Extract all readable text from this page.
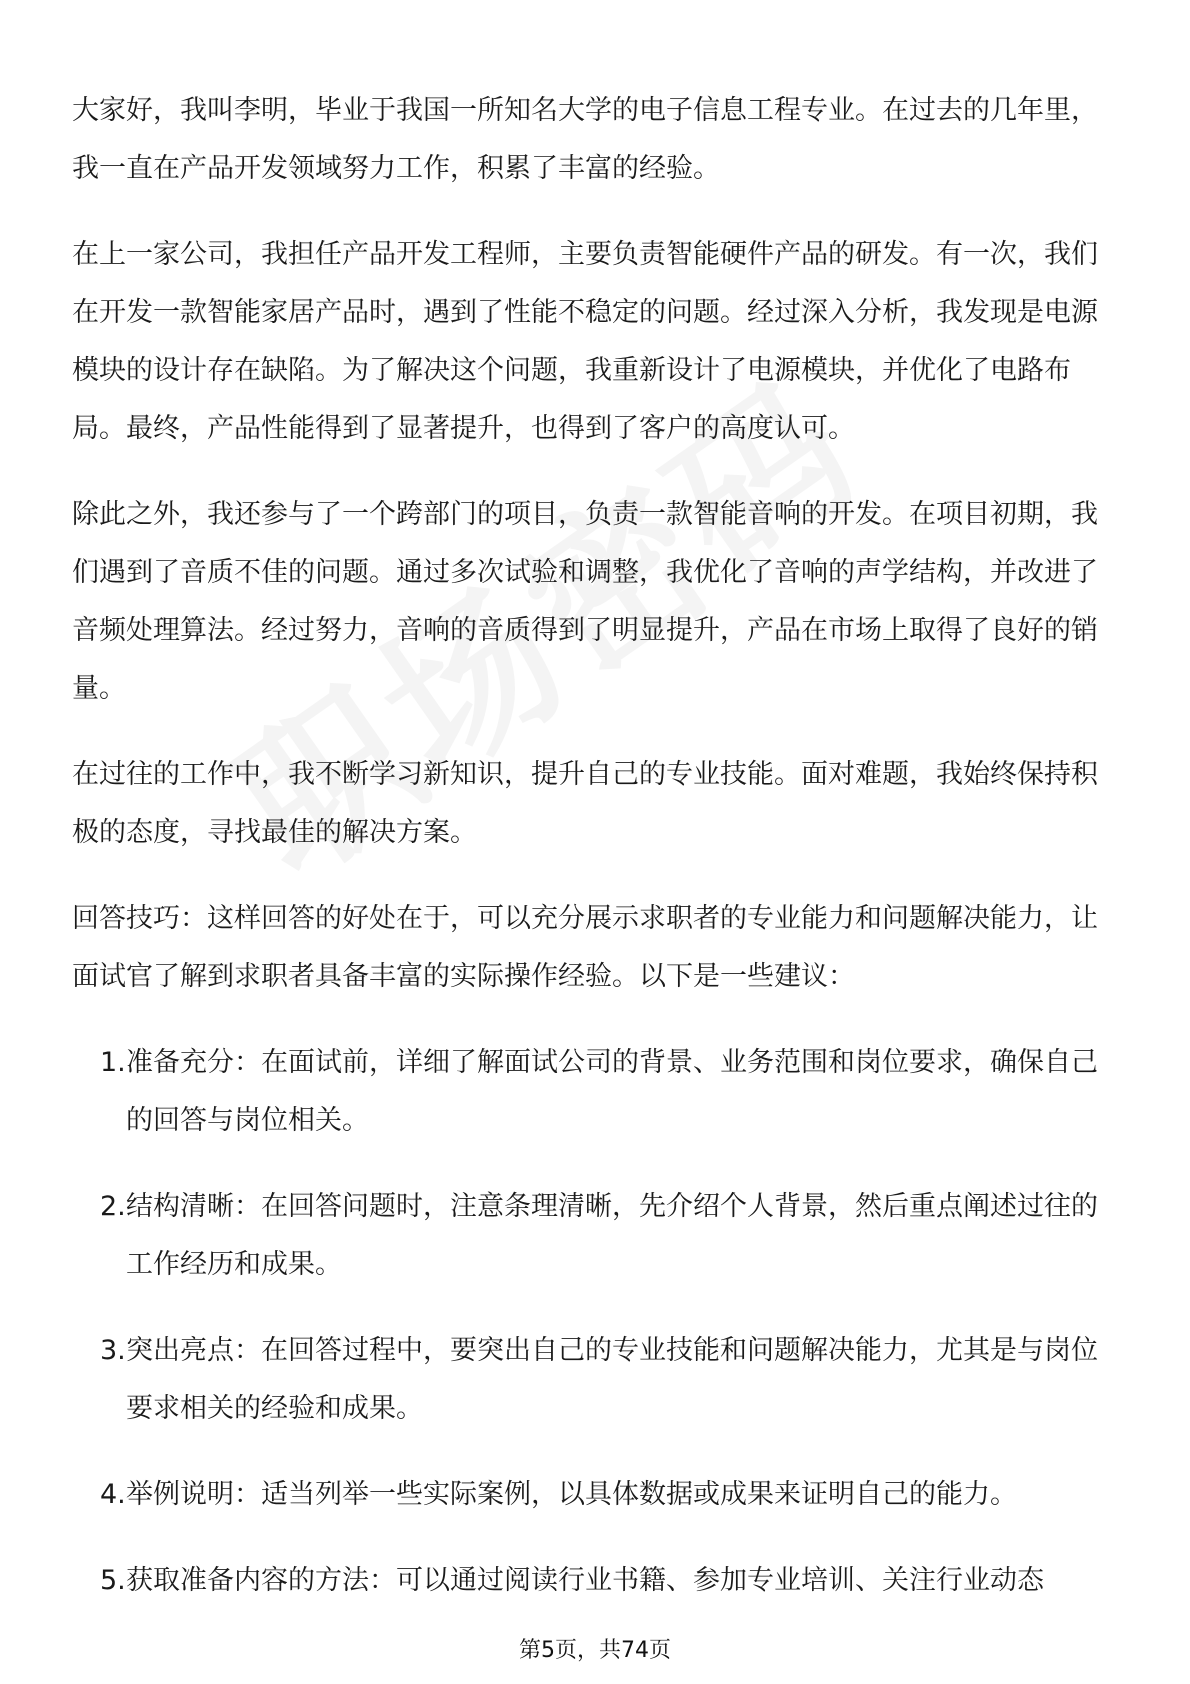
大家好，我叫李明，毕业于我国一所知名大学的电子信息工程专业。在过去的几年里，我一直在产品开发领域努力工作，积累了丰富的经验。

在上一家公司，我担任产品开发工程师，主要负责智能硬件产品的研发。有一次，我们在开发一款智能家居产品时，遇到了性能不稳定的问题。经过深入分析，我发现是电源模块的设计存在缺陷。为了解决这个问题，我重新设计了电源模块，并优化了电路布局。最终，产品性能得到了显著提升，也得到了客户的高度认可。

除此之外，我还参与了一个跨部门的项目，负责一款智能音响的开发。在项目初期，我们遇到了音质不佳的问题。通过多次试验和调整，我优化了音响的声学结构，并改进了音频处理算法。经过努力，音响的音质得到了明显提升，产品在市场上取得了良好的销量。

在过往的工作中，我不断学习新知识，提升自己的专业技能。面对难题，我始终保持积极的态度，寻找最佳的解决方案。

回答技巧：这样回答的好处在于，可以充分展示求职者的专业能力和问题解决能力，让面试官了解到求职者具备丰富的实际操作经验。以下是一些建议：

1. 准备充分：在面试前，详细了解面试公司的背景、业务范围和岗位要求，确保自己的回答与岗位相关。
2. 结构清晰：在回答问题时，注意条理清晰，先介绍个人背景，然后重点阐述过往的工作经历和成果。
3. 突出亮点：在回答过程中，要突出自己的专业技能和问题解决能力，尤其是与岗位要求相关的经验和成果。
4. 举例说明：适当列举一些实际案例，以具体数据或成果来证明自己的能力。
5. 获取准备内容的方法：可以通过阅读行业书籍、参加专业培训、关注行业动态
第5页，共74页
